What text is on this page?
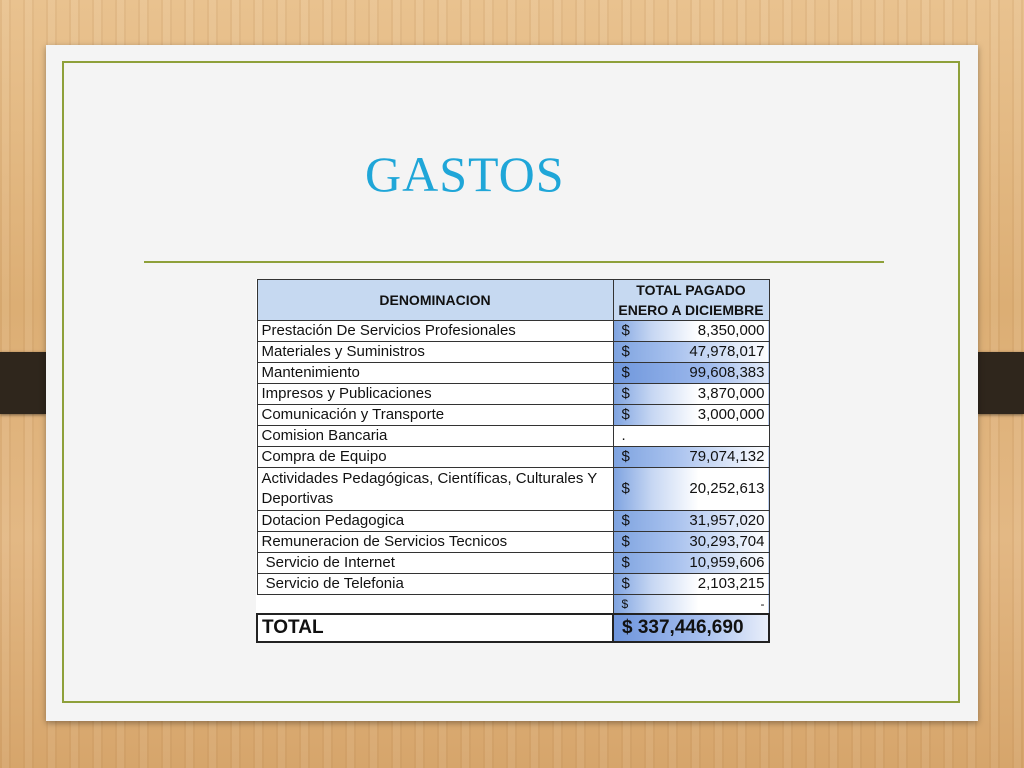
GASTOS
DENOMINACION	TOTAL PAGADO ENERO A DICIEMBRE
Prestación De Servicios Profesionales	$ 8,350,000
Materiales y Suministros	$ 47,978,017
Mantenimiento	$ 99,608,383
Impresos y Publicaciones	$ 3,870,000
Comunicación y Transporte	$ 3,000,000
Comision Bancaria	.
Compra de Equipo	$ 79,074,132
Actividades Pedagógicas, Científicas, Culturales Y Deportivas	$ 20,252,613
Dotacion Pedagogica	$ 31,957,020
Remuneracion de Servicios Tecnicos	$ 30,293,704
Servicio de Internet	$ 10,959,606
Servicio de Telefonia	$ 2,103,215

	$ -
TOTAL	$ 337,446,690
